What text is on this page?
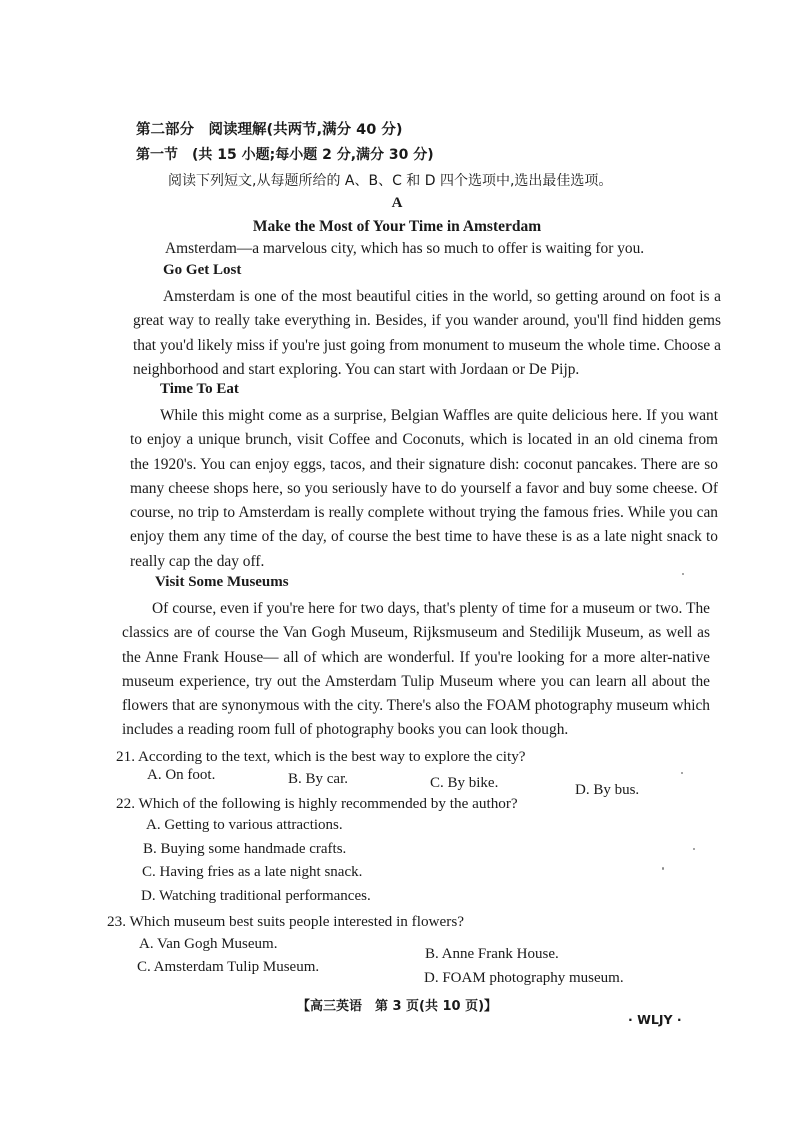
第二部分　阅读理解(共两节,满分 40 分)
第一节　(共 15 小题;每小题 2 分,满分 30 分)
阅读下列短文,从每题所给的 A、B、C 和 D 四个选项中,选出最佳选项。
A
Make the Most of Your Time in Amsterdam
Amsterdam—a marvelous city, which has so much to offer is waiting for you.
Go Get Lost

Amsterdam is one of the most beautiful cities in the world, so getting around on foot is a great way to really take everything in. Besides, if you wander around, you'll find hidden gems that you'd likely miss if you're just going from monument to museum the whole time. Choose a neighborhood and start exploring. You can start with Jordaan or De Pijp.

Time To Eat

While this might come as a surprise, Belgian Waffles are quite delicious here. If you want to enjoy a unique brunch, visit Coffee and Coconuts, which is located in an old cinema from the 1920's. You can enjoy eggs, tacos, and their signature dish: coconut pancakes. There are so many cheese shops here, so you seriously have to do yourself a favor and buy some cheese. Of course, no trip to Amsterdam is really complete without trying the famous fries. While you can enjoy them any time of the day, of course the best time to have these is as a late night snack to really cap the day off.

Visit Some Museums

Of course, even if you're here for two days, that's plenty of time for a museum or two. The classics are of course the Van Gogh Museum, Rijksmuseum and Stedilijk Museum, as well as the Anne Frank House— all of which are wonderful. If you're looking for a more alter-native museum experience, try out the Amsterdam Tulip Museum where you can learn all about the flowers that are synonymous with the city. There's also the FOAM photography museum which includes a reading room full of photography books you can look though.

21. According to the text, which is the best way to explore the city?
A. On foot.	B. By car.	C. By bike.	D. By bus.
22. Which of the following is highly recommended by the author?
A. Getting to various attractions.
B. Buying some handmade crafts.
C. Having fries as a late night snack.
D. Watching traditional performances.
23. Which museum best suits people interested in flowers?
A. Van Gogh Museum.
B. Anne Frank House.
C. Amsterdam Tulip Museum.
D. FOAM photography museum.
【高三英语　第 3 页(共 10 页)】
· WLJY ·
